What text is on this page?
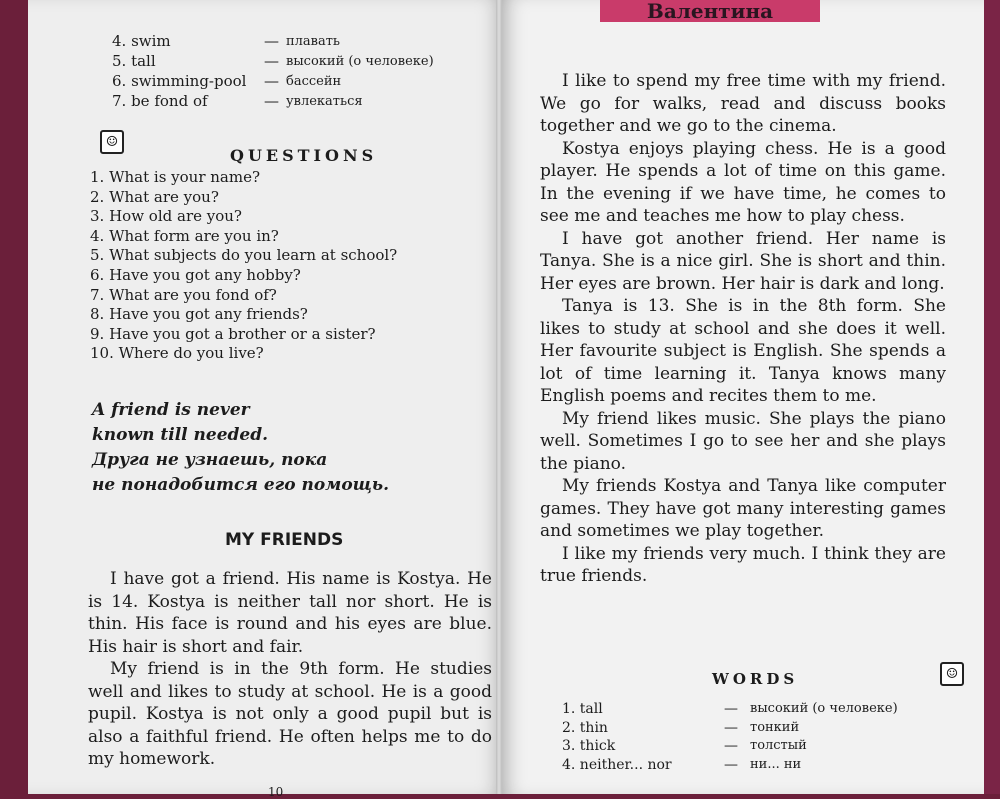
Валентина
4. swim	— плавать
5. tall	— высокий (о человеке)
6. swimming-pool	— бассейн
7. be fond of	— увлекаться
☺
QUESTIONS
1. What is your name?
2. What are you?
3. How old are you?
4. What form are you in?
5. What subjects do you learn at school?
6. Have you got any hobby?
7. What are you fond of?
8. Have you got any friends?
9. Have you got a brother or a sister?
10. Where do you live?
A friend is never
known till needed.
Друга не узнаешь, пока
не понадобится его помощь.
MY FRIENDS

I have got a friend. His name is Kostya. He is 14. Kostya is neither tall nor short. He is thin. His face is round and his eyes are blue. His hair is short and fair.

My friend is in the 9th form. He studies well and likes to study at school. He is a good pupil. Kostya is not only a good pupil but is also a faithful friend. He often helps me to do my homework.

10

I like to spend my free time with my friend. We go for walks, read and discuss books together and we go to the cinema.

Kostya enjoys playing chess. He is a good player. He spends a lot of time on this game. In the evening if we have time, he comes to see me and teaches me how to play chess.

I have got another friend. Her name is Tanya. She is a nice girl. She is short and thin. Her eyes are brown. Her hair is dark and long.

Tanya is 13. She is in the 8th form. She likes to study at school and she does it well. Her favourite subject is English. She spends a lot of time learning it. Tanya knows many English poems and recites them to me.

My friend likes music. She plays the piano well. Sometimes I go to see her and she plays the piano.

My friends Kostya and Tanya like computer games. They have got many interesting games and sometimes we play together.

I like my friends very much. I think they are true friends.

WORDS	☺
1. tall	— высокий (о человеке)
2. thin	— тонкий
3. thick	— толстый
4. neither... nor	— ни... ни
